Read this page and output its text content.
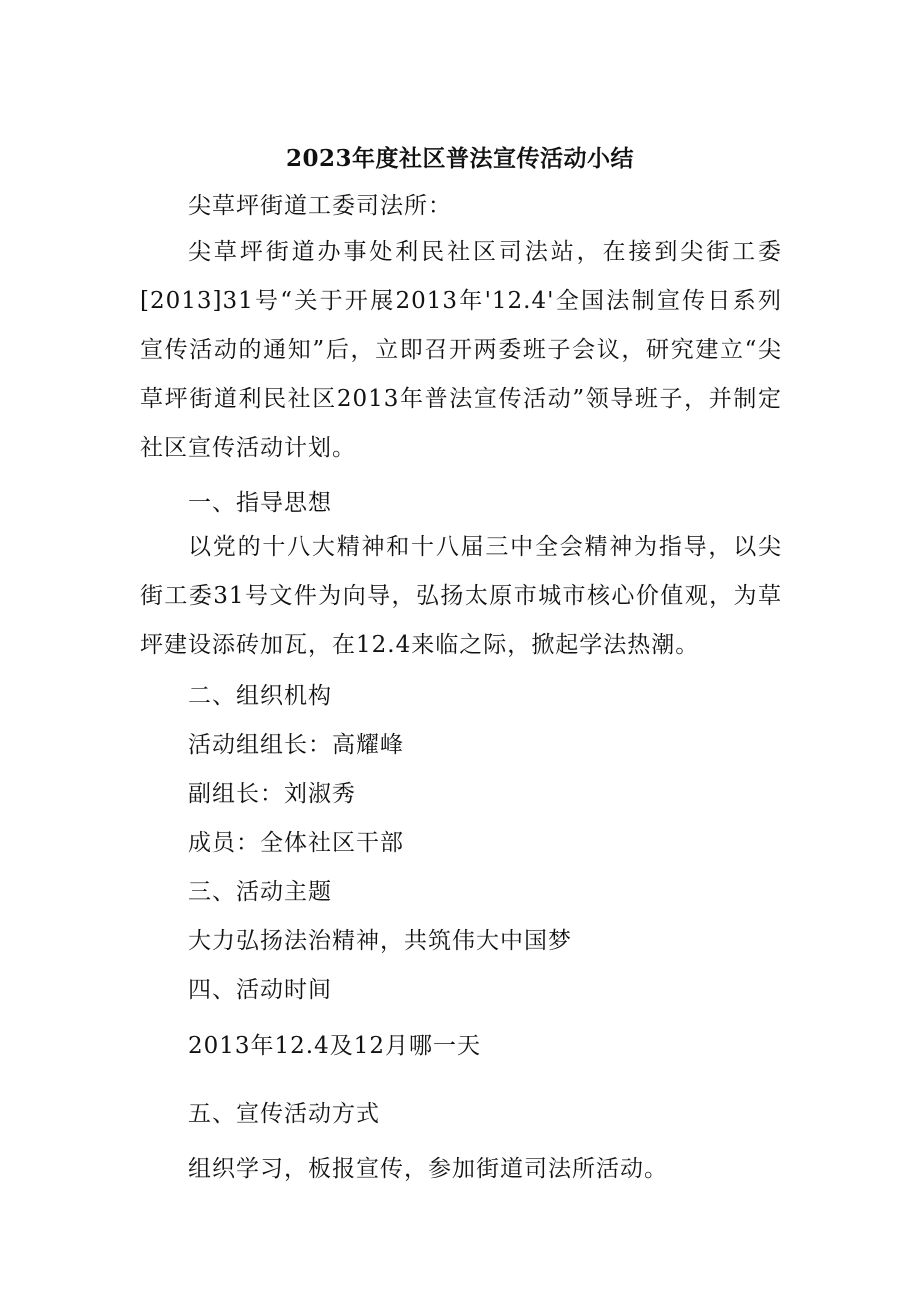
2023年度社区普法宣传活动小结
尖草坪街道工委司法所：
尖草坪街道办事处利民社区司法站，在接到尖街工委[2013]31号“关于开展2013年'12.4'全国法制宣传日系列宣传活动的通知”后，立即召开两委班子会议，研究建立“尖草坪街道利民社区2013年普法宣传活动”领导班子，并制定社区宣传活动计划。
一、指导思想
以党的十八大精神和十八届三中全会精神为指导，以尖街工委31号文件为向导，弘扬太原市城市核心价值观，为草坪建设添砖加瓦，在12.4来临之际，掀起学法热潮。
二、组织机构
活动组组长：高耀峰
副组长：刘淑秀
成员：全体社区干部
三、活动主题
大力弘扬法治精神，共筑伟大中国梦
四、活动时间
2013年12.4及12月哪一天
五、宣传活动方式
组织学习，板报宣传，参加街道司法所活动。
